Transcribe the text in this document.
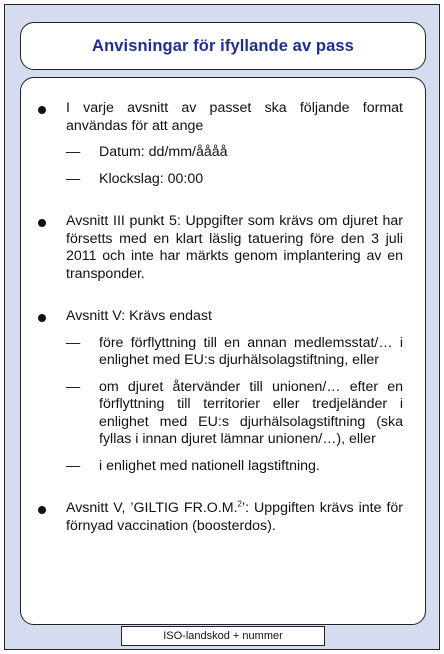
Anvisningar för ifyllande av pass
I varje avsnitt av passet ska följande format användas för att ange
— Datum: dd/mm/åååå
— Klockslag: 00:00
Avsnitt III punkt 5: Uppgifter som krävs om djuret har försetts med en klart läslig tatuering före den 3 juli 2011 och inte har märkts genom implantering av en transponder.
Avsnitt V: Krävs endast
— före förflyttning till en annan medlemsstat/… i enlighet med EU:s djurhälsolagstiftning, eller
— om djuret återvänder till unionen/… efter en förflyttning till territorier eller tredjeländer i enlighet med EU:s djurhälsolagstiftning (ska fyllas i innan djuret lämnar unionen/…), eller
— i enlighet med nationell lagstiftning.
Avsnitt V, ’GILTIG FR.O.M.$^2$’: Uppgiften krävs inte för förnyad vaccination (boosterdos).
ISO-landskod + nummer
